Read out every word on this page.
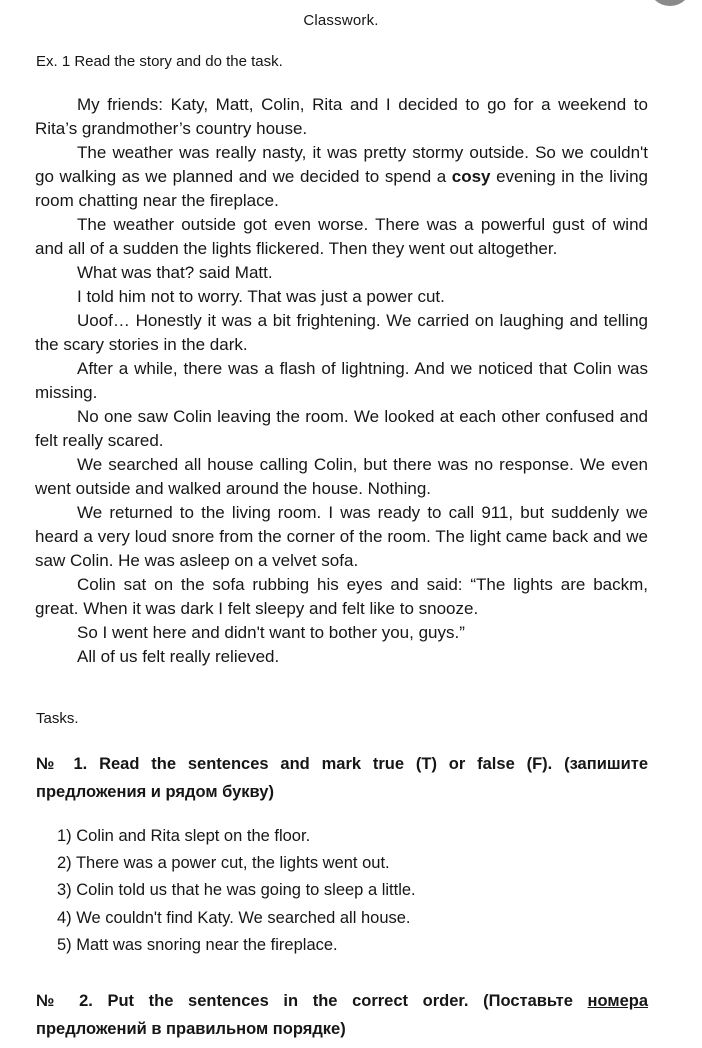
Classwork.
Ex. 1 Read the story and do the task.

My friends: Katy, Matt, Colin, Rita and I decided to go for a weekend to Rita’s grandmother’s country house.

The weather was really nasty, it was pretty stormy outside. So we couldn't go walking as we planned and we decided to spend a cosy evening in the living room chatting near the fireplace.

The weather outside got even worse. There was a powerful gust of wind and all of a sudden the lights flickered. Then they went out altogether.

What was that? said Matt.

I told him not to worry. That was just a power cut.

Uoof… Honestly it was a bit frightening. We carried on laughing and telling the scary stories in the dark.

After a while, there was a flash of lightning. And we noticed that Colin was missing.

No one saw Colin leaving the room. We looked at each other confused and felt really scared.

We searched all house calling Colin, but there was no response. We even went outside and walked around the house. Nothing.

We returned to the living room. I was ready to call 911, but suddenly we heard a very loud snore from the corner of the room. The light came back and we saw Colin. He was asleep on a velvet sofa.

Colin sat on the sofa rubbing his eyes and said: “The lights are backm, great. When it was dark I felt sleepy and felt like to snooze.

So I went here and didn't want to bother you, guys.”

All of us felt really relieved.

Tasks.
№ 1. Read the sentences and mark true (T) or false (F). (запишите предложения и рядом букву)
1) Colin and Rita slept on the floor.
2) There was a power cut, the lights went out.
3) Colin told us that he was going to sleep a little.
4) We couldn't find Katy. We searched all house.
5) Matt was snoring near the fireplace.
№ 2. Put the sentences in the correct order. (Поставьте номера предложений в правильном порядке)
